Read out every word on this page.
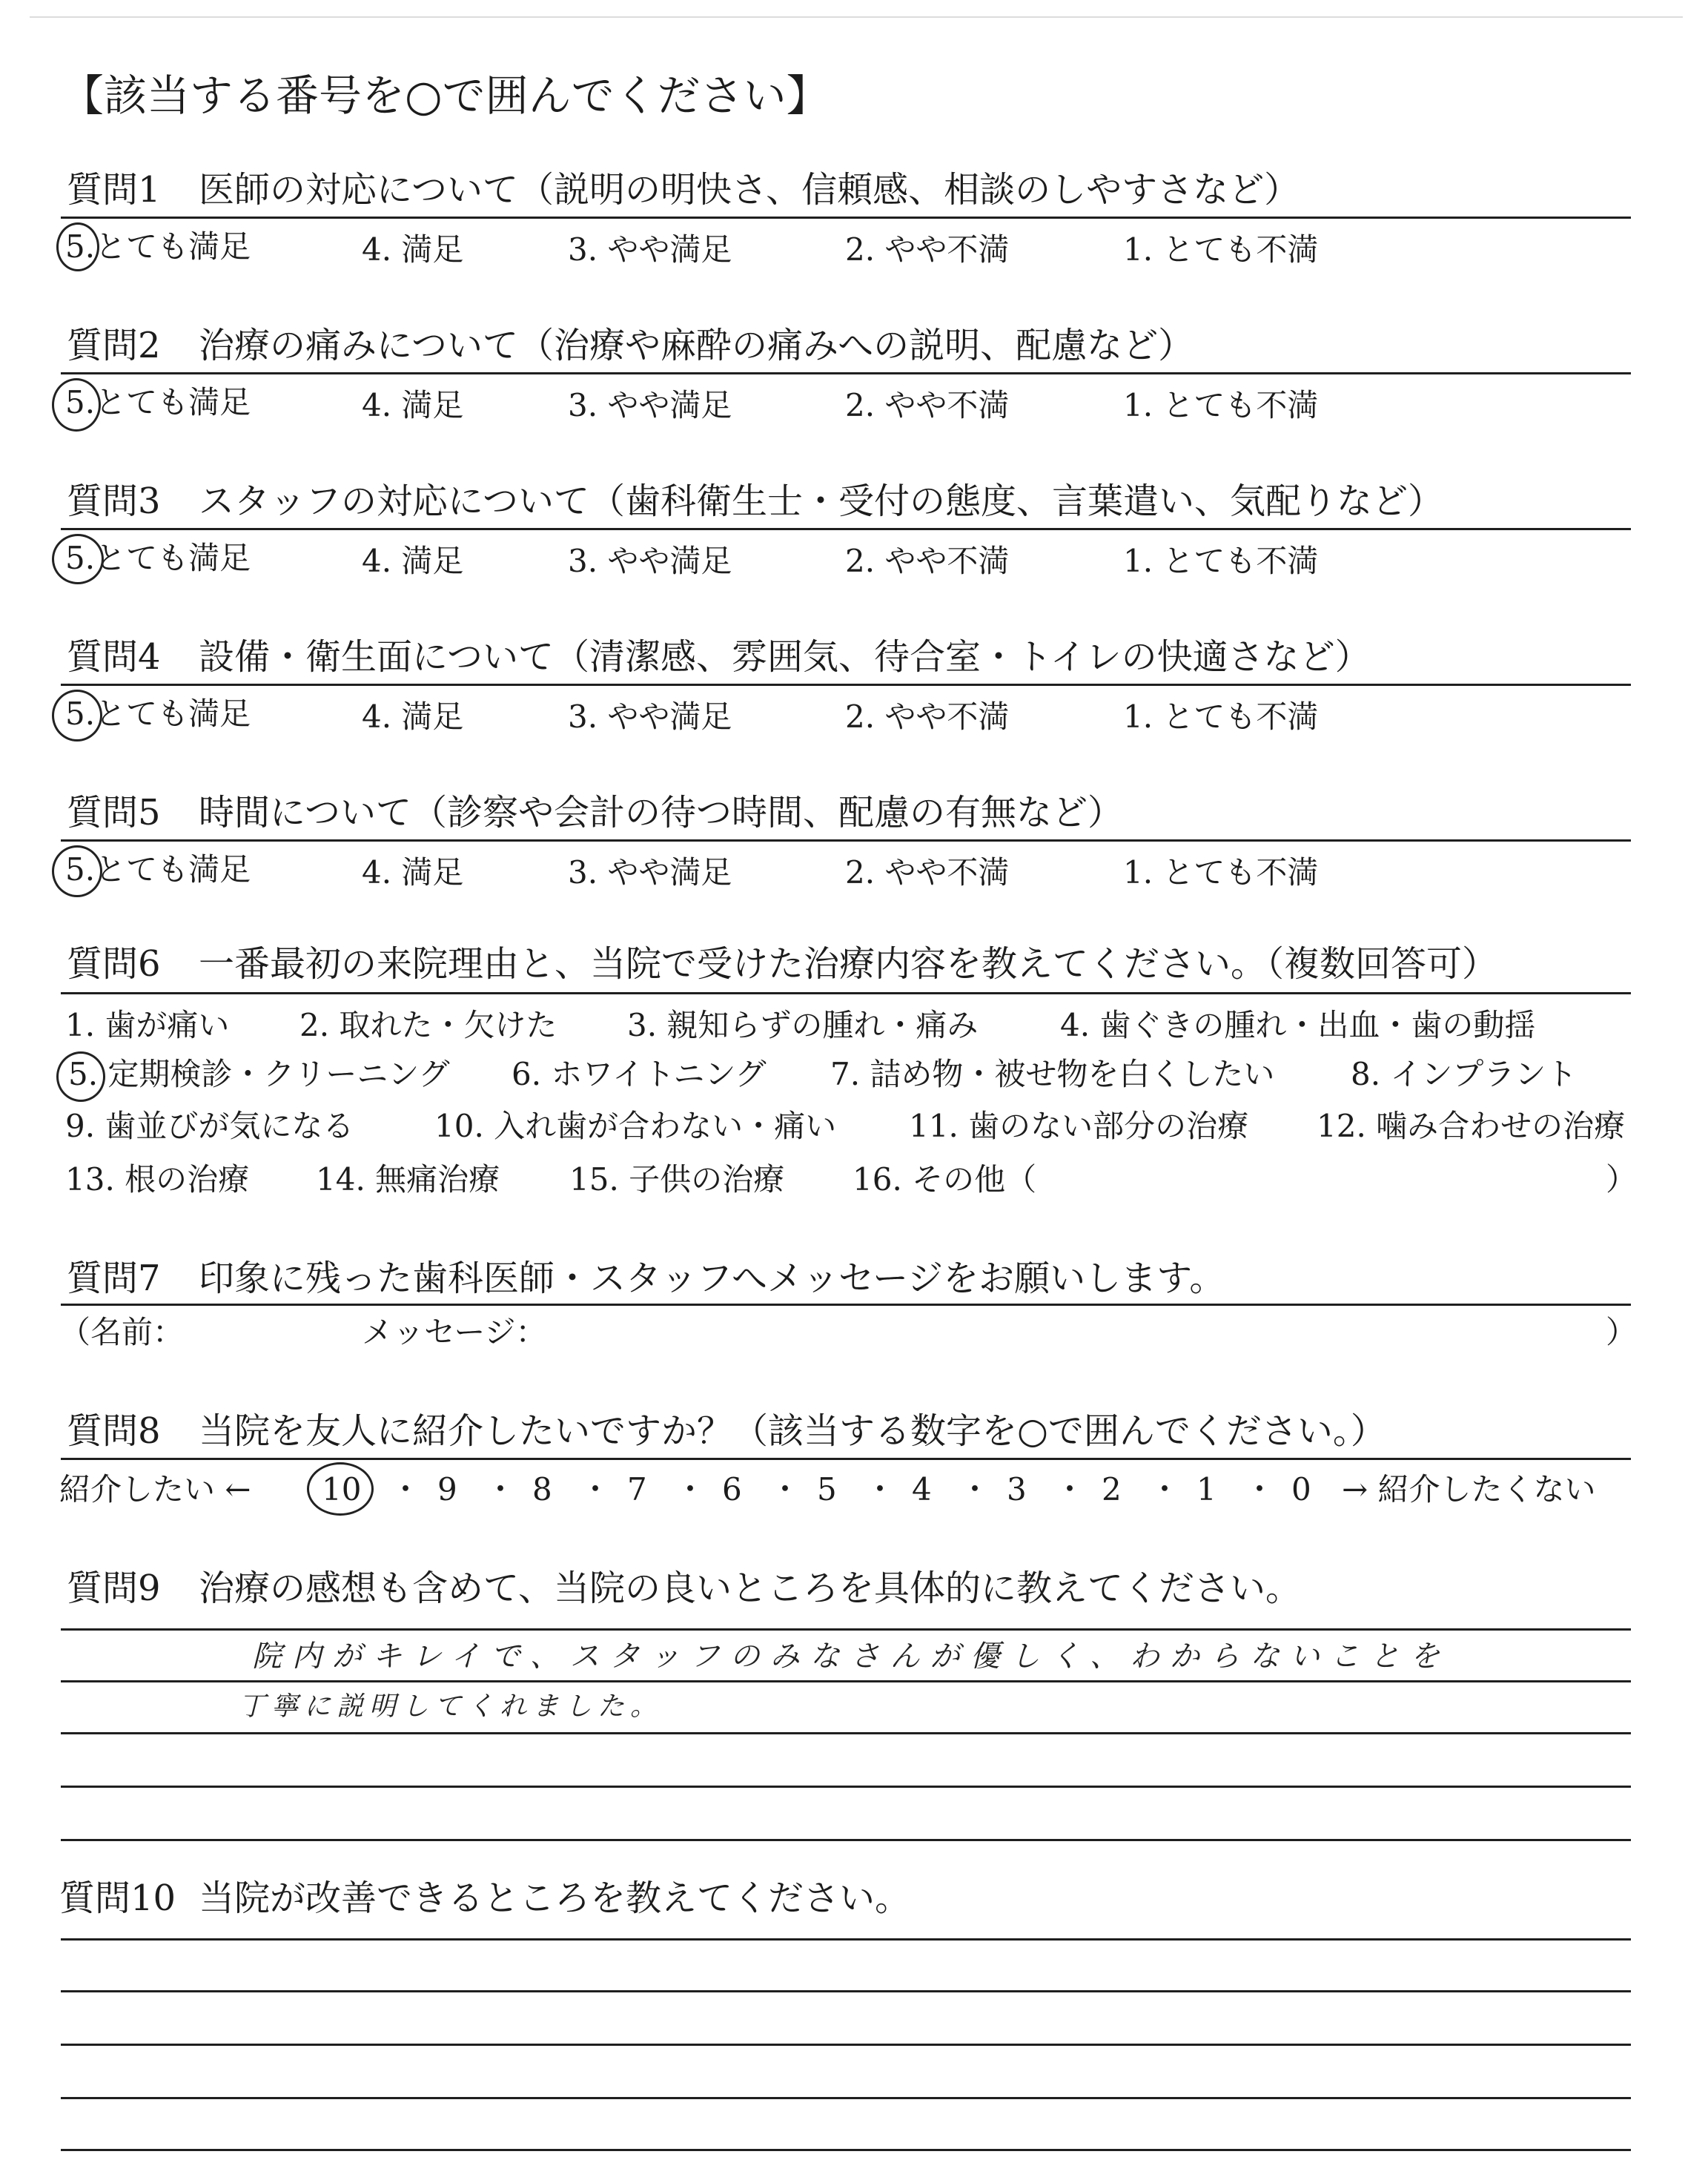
【該当する番号を○で囲んでください】
質問1 医師の対応について（説明の明快さ、信頼感、相談のしやすさなど）
5.とても満足	4. 満足	3. やや満足	2. やや不満	1. とても不満
質問2 治療の痛みについて（治療や麻酔の痛みへの説明、配慮など）
5.とても満足	4. 満足	3. やや満足	2. やや不満	1. とても不満
質問3 スタッフの対応について（歯科衛生士・受付の態度、言葉遣い、気配りなど）
5.とても満足	4. 満足	3. やや満足	2. やや不満	1. とても不満
質問4 設備・衛生面について（清潔感、雰囲気、待合室・トイレの快適さなど）
5.とても満足	4. 満足	3. やや満足	2. やや不満	1. とても不満
質問5 時間について（診察や会計の待つ時間、配慮の有無など）
5.とても満足	4. 満足	3. やや満足	2. やや不満	1. とても不満
質問6 一番最初の来院理由と、当院で受けた治療内容を教えてください。（複数回答可）
1. 歯が痛い 2. 取れた・欠けた 3. 親知らずの腫れ・痛み	4. 歯ぐきの腫れ・出血・歯の動揺
5. 定期検診・クリーニング 6. ホワイトニング 7. 詰め物・被せ物を白くしたい 8. インプラント
9. 歯並びが気になる	10. 入れ歯が合わない・痛い 11. 歯のない部分の治療 12. 噛み合わせの治療
13. 根の治療 14. 無痛治療 15. 子供の治療 16. その他（	）
質問7 印象に残った歯科医師・スタッフへメッセージをお願いします。
（名前：	メッセージ：	）
質問8 当院を友人に紹介したいですか？（該当する数字を○で囲んでください。）
紹介したい ← 10 ・ 9 ・ 8 ・ 7 ・ 6 ・ 5 ・ 4 ・ 3 ・ 2 ・ 1 ・ 0 → 紹介したくない
質問9 治療の感想も含めて、当院の良いところを具体的に教えてください。
院内がキレイで、スタッフのみなさんが優しく、わからないことを
丁寧に説明してくれました。
質問10 当院が改善できるところを教えてください。
